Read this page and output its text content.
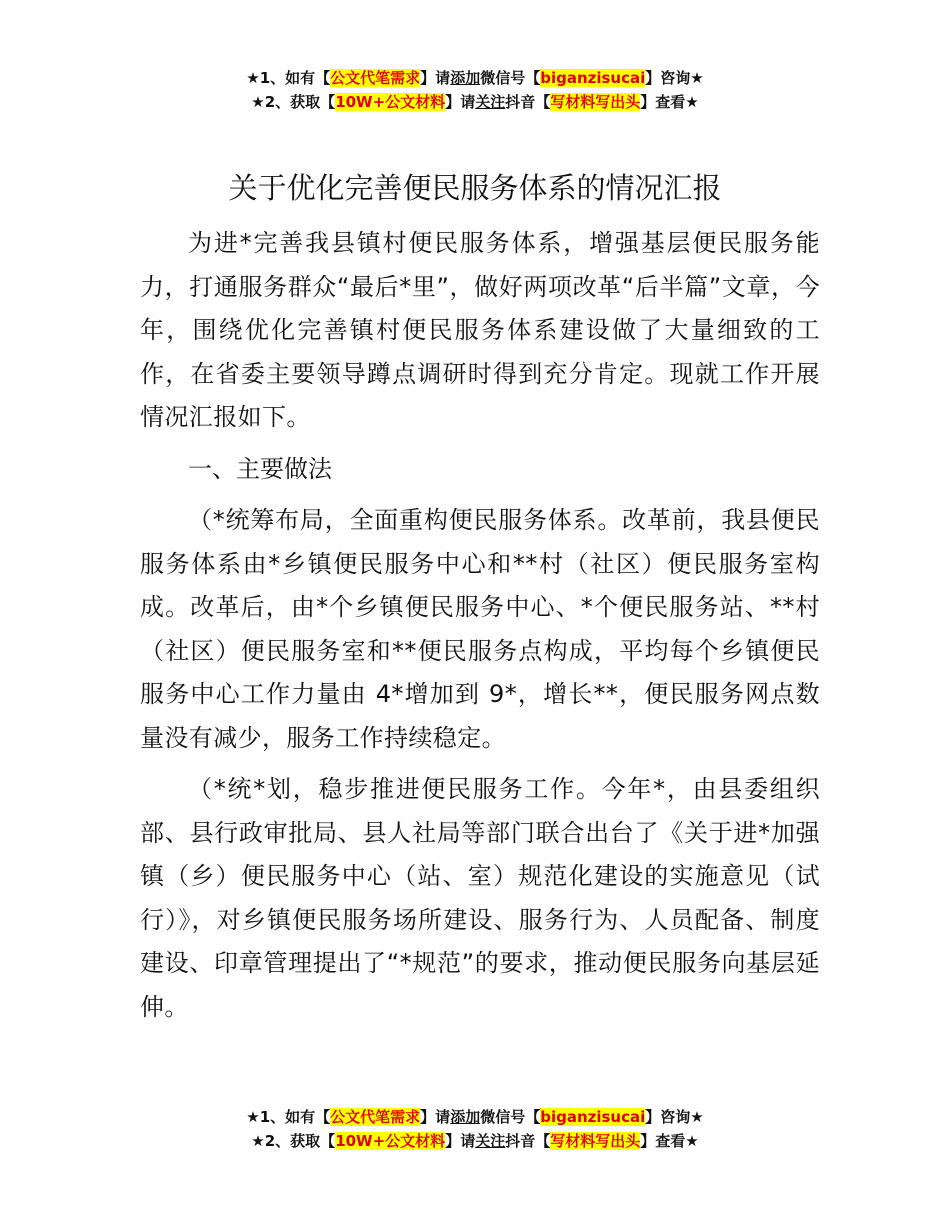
★1、如有【公文代笔需求】请添加微信号【biganzisucai】咨询★
★2、获取【10W+公文材料】请关注抖音【写材料写出头】查看★
关于优化完善便民服务体系的情况汇报

为进*完善我县镇村便民服务体系，增强基层便民服务能力，打通服务群众“最后*里”，做好两项改革“后半篇”文章，今年，围绕优化完善镇村便民服务体系建设做了大量细致的工作，在省委主要领导蹲点调研时得到充分肯定。现就工作开展情况汇报如下。

一、主要做法

（*统筹布局，全面重构便民服务体系。改革前，我县便民服务体系由*乡镇便民服务中心和**村（社区）便民服务室构成。改革后，由*个乡镇便民服务中心、*个便民服务站、**村（社区）便民服务室和**便民服务点构成，平均每个乡镇便民服务中心工作力量由 4*增加到 9*，增长**，便民服务网点数量没有减少，服务工作持续稳定。

（*统*划，稳步推进便民服务工作。今年*，由县委组织部、县行政审批局、县人社局等部门联合出台了《关于进*加强镇（乡）便民服务中心（站、室）规范化建设的实施意见（试行）》，对乡镇便民服务场所建设、服务行为、人员配备、制度建设、印章管理提出了“*规范”的要求，推动便民服务向基层延伸。

★1、如有【公文代笔需求】请添加微信号【biganzisucai】咨询★
★2、获取【10W+公文材料】请关注抖音【写材料写出头】查看★
